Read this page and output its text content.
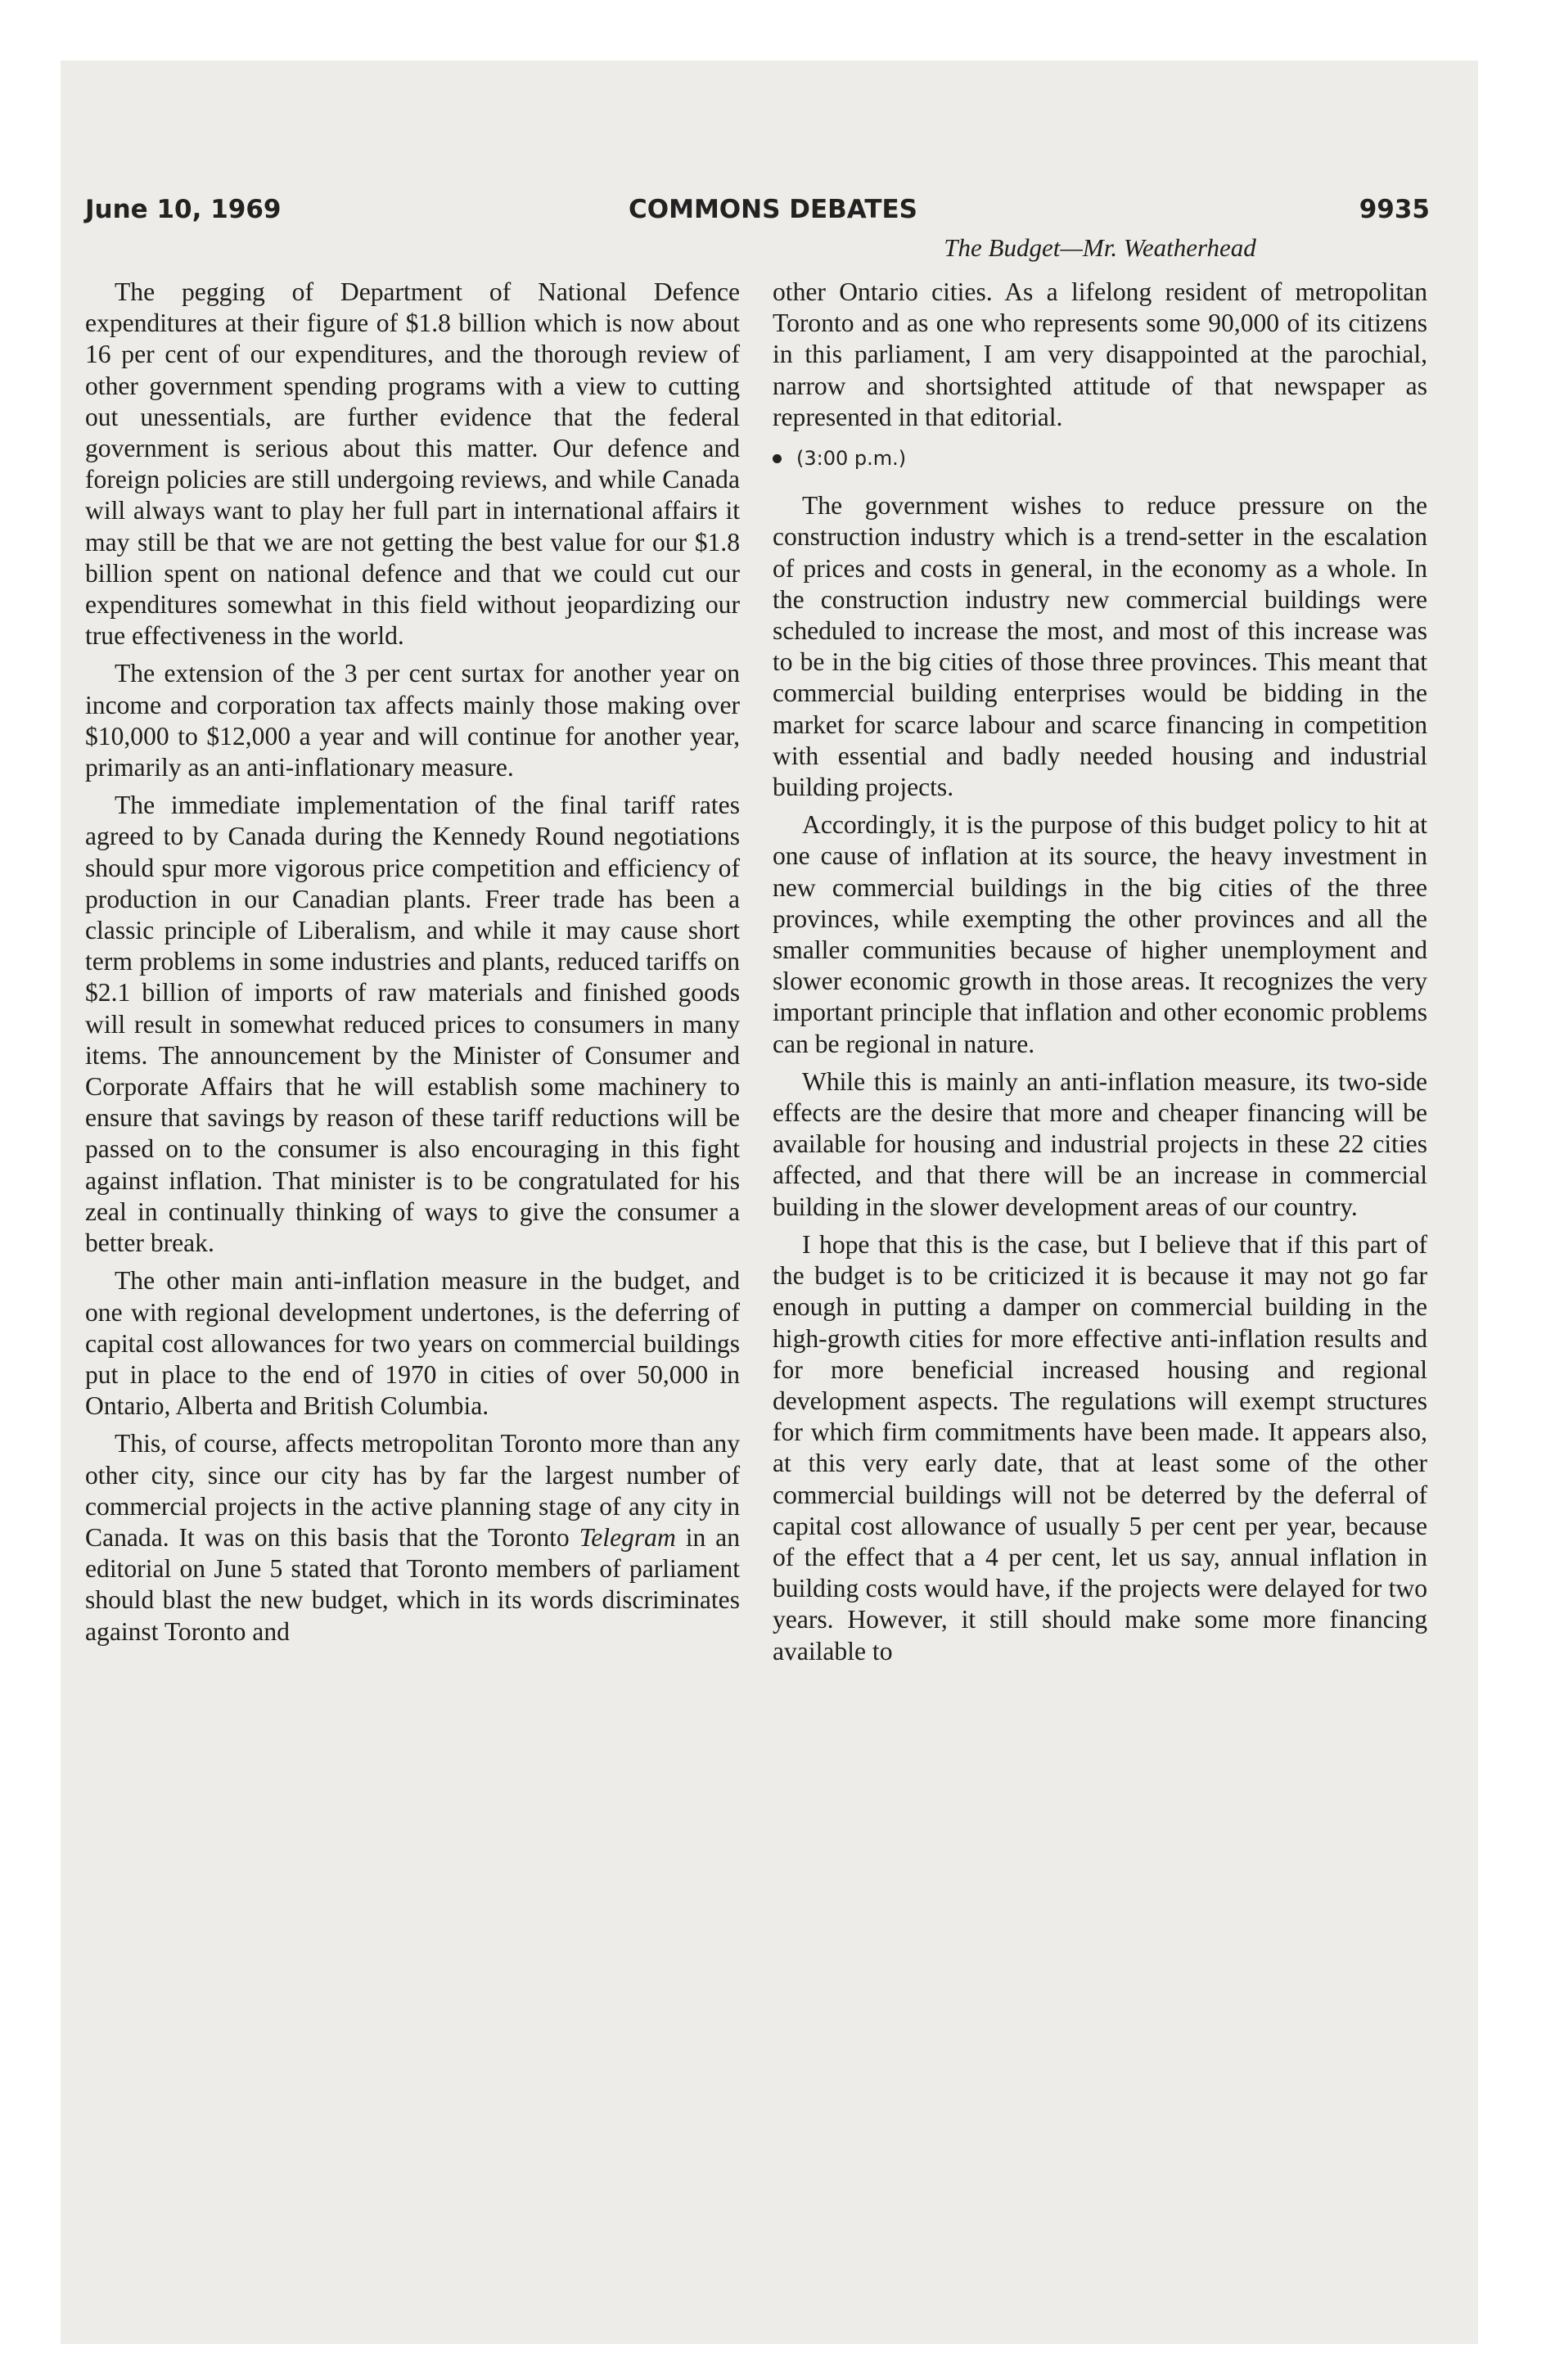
June 10, 1969	COMMONS DEBATES	9935
The Budget—Mr. Weatherhead

The pegging of Department of National Defence expenditures at their figure of $1.8 billion which is now about 16 per cent of our expenditures, and the thorough review of other government spending programs with a view to cutting out unessentials, are further evidence that the federal government is serious about this matter. Our defence and foreign policies are still undergoing reviews, and while Canada will always want to play her full part in international affairs it may still be that we are not getting the best value for our $1.8 billion spent on national defence and that we could cut our expenditures somewhat in this field without jeopardizing our true effectiveness in the world.

The extension of the 3 per cent surtax for another year on income and corporation tax affects mainly those making over $10,000 to $12,000 a year and will continue for another year, primarily as an anti-inflationary measure.

The immediate implementation of the final tariff rates agreed to by Canada during the Kennedy Round negotiations should spur more vigorous price competition and efficiency of production in our Canadian plants. Freer trade has been a classic principle of Liberalism, and while it may cause short term problems in some industries and plants, reduced tariffs on $2.1 billion of imports of raw materials and finished goods will result in somewhat reduced prices to consumers in many items. The announcement by the Minister of Consumer and Corporate Affairs that he will establish some machinery to ensure that savings by reason of these tariff reductions will be passed on to the consumer is also encouraging in this fight against inflation. That minister is to be congratulated for his zeal in continually thinking of ways to give the consumer a better break.

The other main anti-inflation measure in the budget, and one with regional development undertones, is the deferring of capital cost allowances for two years on commercial buildings put in place to the end of 1970 in cities of over 50,000 in Ontario, Alberta and British Columbia.

This, of course, affects metropolitan Toronto more than any other city, since our city has by far the largest number of commercial projects in the active planning stage of any city in Canada. It was on this basis that the Toronto Telegram in an editorial on June 5 stated that Toronto members of parliament should blast the new budget, which in its words discriminates against Toronto and

other Ontario cities. As a lifelong resident of metropolitan Toronto and as one who represents some 90,000 of its citizens in this parliament, I am very disappointed at the parochial, narrow and shortsighted attitude of that newspaper as represented in that editorial.

(3:00 p.m.)

The government wishes to reduce pressure on the construction industry which is a trend-setter in the escalation of prices and costs in general, in the economy as a whole. In the construction industry new commercial buildings were scheduled to increase the most, and most of this increase was to be in the big cities of those three provinces. This meant that commercial building enterprises would be bidding in the market for scarce labour and scarce financing in competition with essential and badly needed housing and industrial building projects.

Accordingly, it is the purpose of this budget policy to hit at one cause of inflation at its source, the heavy investment in new commercial buildings in the big cities of the three provinces, while exempting the other provinces and all the smaller communities because of higher unemployment and slower economic growth in those areas. It recognizes the very important principle that inflation and other economic problems can be regional in nature.

While this is mainly an anti-inflation measure, its two-side effects are the desire that more and cheaper financing will be available for housing and industrial projects in these 22 cities affected, and that there will be an increase in commercial building in the slower development areas of our country.

I hope that this is the case, but I believe that if this part of the budget is to be criticized it is because it may not go far enough in putting a damper on commercial building in the high-growth cities for more effective anti-inflation results and for more beneficial increased housing and regional development aspects. The regulations will exempt structures for which firm commitments have been made. It appears also, at this very early date, that at least some of the other commercial buildings will not be deterred by the deferral of capital cost allowance of usually 5 per cent per year, because of the effect that a 4 per cent, let us say, annual inflation in building costs would have, if the projects were delayed for two years. However, it still should make some more financing available to
